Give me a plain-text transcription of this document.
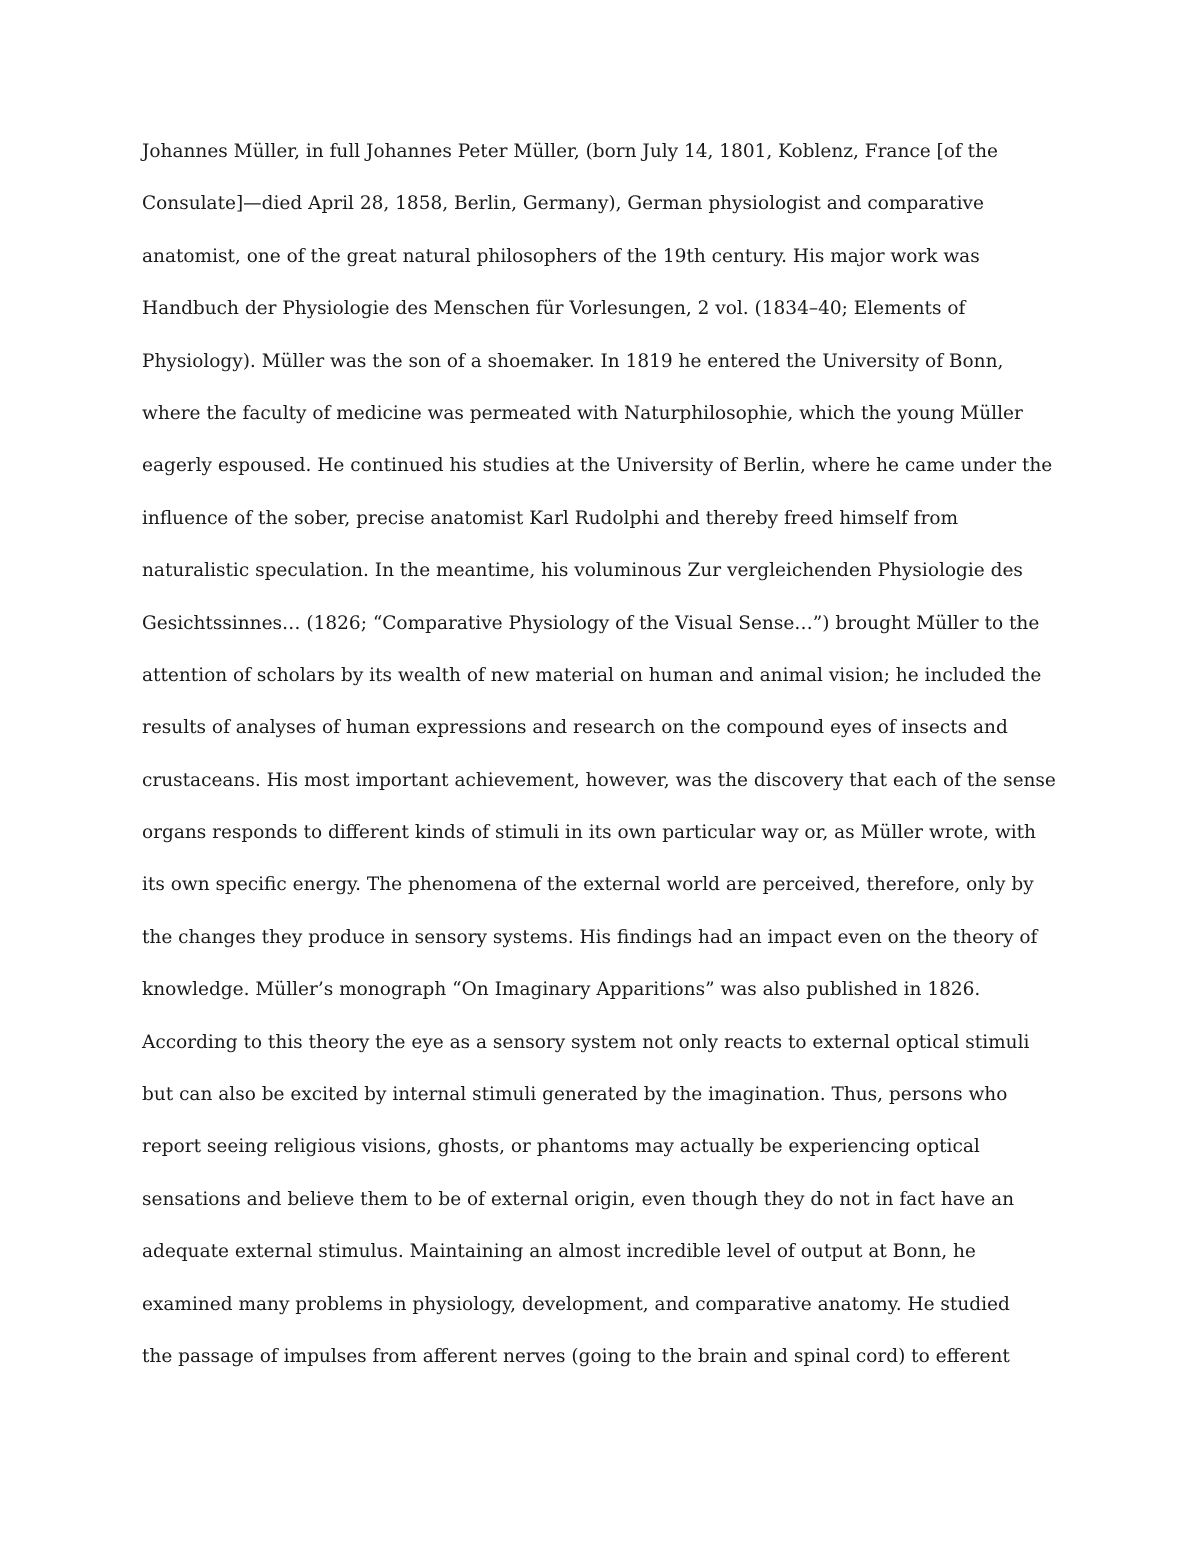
Johannes Müller, in full Johannes Peter Müller, (born July 14, 1801, Koblenz, France [of the
Consulate]—died April 28, 1858, Berlin, Germany), German physiologist and comparative
anatomist, one of the great natural philosophers of the 19th century. His major work was
Handbuch der Physiologie des Menschen für Vorlesungen, 2 vol. (1834–40; Elements of
Physiology). Müller was the son of a shoemaker. In 1819 he entered the University of Bonn,
where the faculty of medicine was permeated with Naturphilosophie, which the young Müller
eagerly espoused. He continued his studies at the University of Berlin, where he came under the
influence of the sober, precise anatomist Karl Rudolphi and thereby freed himself from
naturalistic speculation. In the meantime, his voluminous Zur vergleichenden Physiologie des
Gesichtssinnes… (1826; “Comparative Physiology of the Visual Sense…”) brought Müller to the
attention of scholars by its wealth of new material on human and animal vision; he included the
results of analyses of human expressions and research on the compound eyes of insects and
crustaceans. His most important achievement, however, was the discovery that each of the sense
organs responds to different kinds of stimuli in its own particular way or, as Müller wrote, with
its own specific energy. The phenomena of the external world are perceived, therefore, only by
the changes they produce in sensory systems. His findings had an impact even on the theory of
knowledge. Müller’s monograph “On Imaginary Apparitions” was also published in 1826.
According to this theory the eye as a sensory system not only reacts to external optical stimuli
but can also be excited by internal stimuli generated by the imagination. Thus, persons who
report seeing religious visions, ghosts, or phantoms may actually be experiencing optical
sensations and believe them to be of external origin, even though they do not in fact have an
adequate external stimulus. Maintaining an almost incredible level of output at Bonn, he
examined many problems in physiology, development, and comparative anatomy. He studied
the passage of impulses from afferent nerves (going to the brain and spinal cord) to efferent
